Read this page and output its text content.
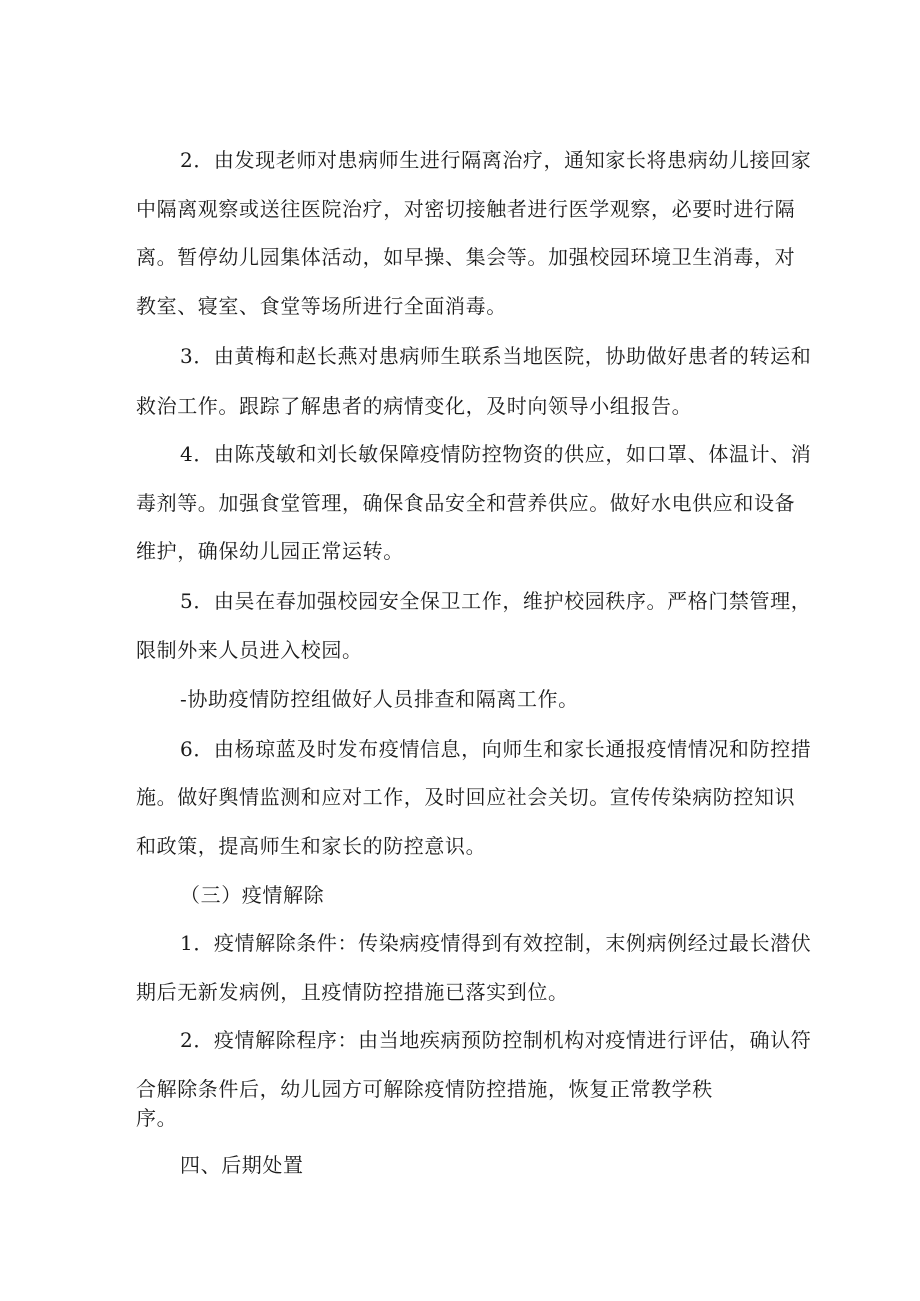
2．由发现老师对患病师生进行隔离治疗，通知家长将患病幼儿接回家
中隔离观察或送往医院治疗，对密切接触者进行医学观察，必要时进行隔
离。暂停幼儿园集体活动，如早操、集会等。加强校园环境卫生消毒，对
教室、寝室、食堂等场所进行全面消毒。
3．由黄梅和赵长燕对患病师生联系当地医院，协助做好患者的转运和
救治工作。跟踪了解患者的病情变化，及时向领导小组报告。
4．由陈茂敏和刘长敏保障疫情防控物资的供应，如口罩、体温计、消
毒剂等。加强食堂管理，确保食品安全和营养供应。做好水电供应和设备
维护，确保幼儿园正常运转。
5．由吴在春加强校园安全保卫工作，维护校园秩序。严格门禁管理，
限制外来人员进入校园。
-协助疫情防控组做好人员排查和隔离工作。
6．由杨琼蓝及时发布疫情信息，向师生和家长通报疫情情况和防控措
施。做好舆情监测和应对工作，及时回应社会关切。宣传传染病防控知识
和政策，提高师生和家长的防控意识。
（三）疫情解除
1．疫情解除条件：传染病疫情得到有效控制，末例病例经过最长潜伏
期后无新发病例，且疫情防控措施已落实到位。
2．疫情解除程序：由当地疾病预防控制机构对疫情进行评估，确认符
合解除条件后，幼儿园方可解除疫情防控措施，恢复正常教学秩
序。
四、后期处置
